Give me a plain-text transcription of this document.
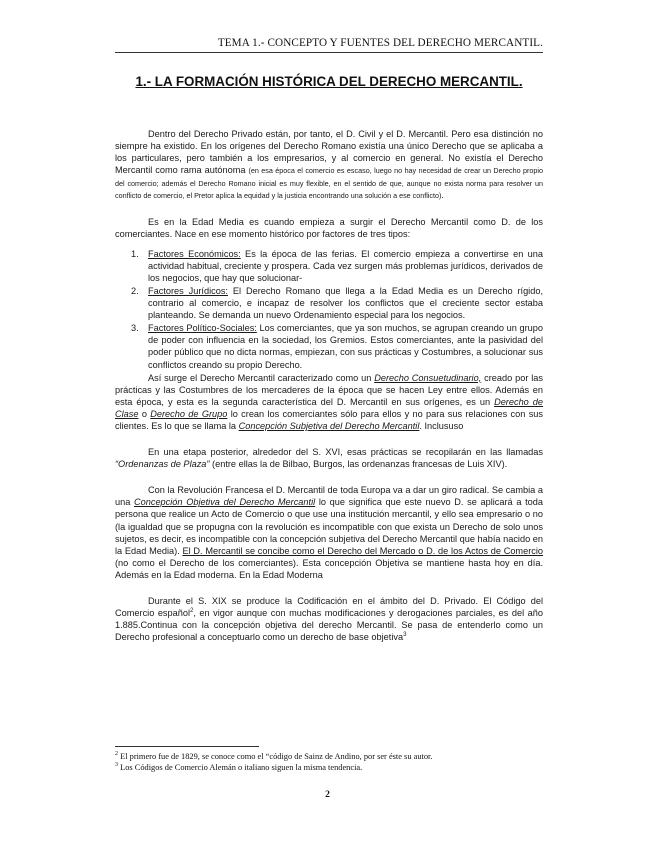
TEMA 1.- CONCEPTO Y FUENTES DEL DERECHO MERCANTIL.
1.- LA FORMACIÓN HISTÓRICA DEL DERECHO MERCANTIL.

Dentro del Derecho Privado están, por tanto, el D. Civil y el D. Mercantil. Pero esa distinción no siempre ha existido. En los orígenes del Derecho Romano existía una único Derecho que se aplicaba a los particulares, pero también a los empresarios, y al comercio en general. No existía el Derecho Mercantil como rama autónoma (en esa época el comercio es escaso, luego no hay necesidad de crear un Derecho propio del comercio; además el Derecho Romano inicial es muy flexible, en el sentido de que, aunque no exista norma para resolver un conflicto de comercio, el Pretor aplica la equidad y la justicia encontrando una solución a ese conflicto).

Es en la Edad Media es cuando empieza a surgir el Derecho Mercantil como D. de los comerciantes. Nace en ese momento histórico por factores de tres tipos:

1. Factores Económicos: Es la época de las ferias. El comercio empieza a convertirse en una actividad habitual, creciente y prospera. Cada vez surgen más problemas jurídicos, derivados de los negocios, que hay que solucionar-
2. Factores Jurídicos: El Derecho Romano que llega a la Edad Media es un Derecho rígido, contrario al comercio, e incapaz de resolver los conflictos que el creciente sector estaba planteando. Se demanda un nuevo Ordenamiento especial para los negocios.
3. Factores Político-Sociales: Los comerciantes, que ya son muchos, se agrupan creando un grupo de poder con influencia en la sociedad, los Gremios. Estos comerciantes, ante la pasividad del poder público que no dicta normas, empiezan, con sus prácticas y Costumbres, a solucionar sus conflictos creando su propio Derecho.

Así surge el Derecho Mercantil caracterizado como un Derecho Consuetudinario, creado por las prácticas y las Costumbres de los mercaderes de la época que se hacen Ley entre ellos. Además en esta época, y esta es la segunda característica del D. Mercantil en sus orígenes, es un Derecho de Clase o Derecho de Grupo lo crean los comerciantes sólo para ellos y no para sus relaciones con sus clientes. Es lo que se llama la Concepción Subjetiva del Derecho Mercantil. Inclususo

En una etapa posterior, alrededor del S. XVI, esas prácticas se recopilarán en las llamadas “Ordenanzas de Plaza” (entre ellas la de Bilbao, Burgos, las ordenanzas francesas de Luis XIV).

Con la Revolución Francesa el D. Mercantil de toda Europa va a dar un giro radical. Se cambia a una Concepción Objetiva del Derecho Mercantil lo que significa que este nuevo D. se aplicará a toda persona que realice un Acto de Comercio o que use una institución mercantil, y ello sea empresario o no (la igualdad que se propugna con la revolución es incompatible con que exista un Derecho de solo unos sujetos, es decir, es incompatible con la concepción subjetiva del Derecho Mercantil que había nacido en la Edad Media). El D. Mercantil se concibe como el Derecho del Mercado o D. de los Actos de Comercio (no como el Derecho de los comerciantes). Esta concepción Objetiva se mantiene hasta hoy en día. Además en la Edad moderna. En la Edad Moderna

Durante el S. XIX se produce la Codificación en el ámbito del D. Privado. El Código del Comercio español$^2$, en vigor aunque con muchas modificaciones y derogaciones parciales, es del año 1.885.Continua con la concepción objetiva del derecho Mercantil. Se pasa de entenderlo como un Derecho profesional a conceptuarlo como un derecho de base objetiva$^3$

$^2$ El primero fue de 1829, se conoce como el “código de Sainz de Andino, por ser éste su autor.
$^3$ Los Códigos de Comercio Alemán o italiano siguen la misma tendencia.
2
